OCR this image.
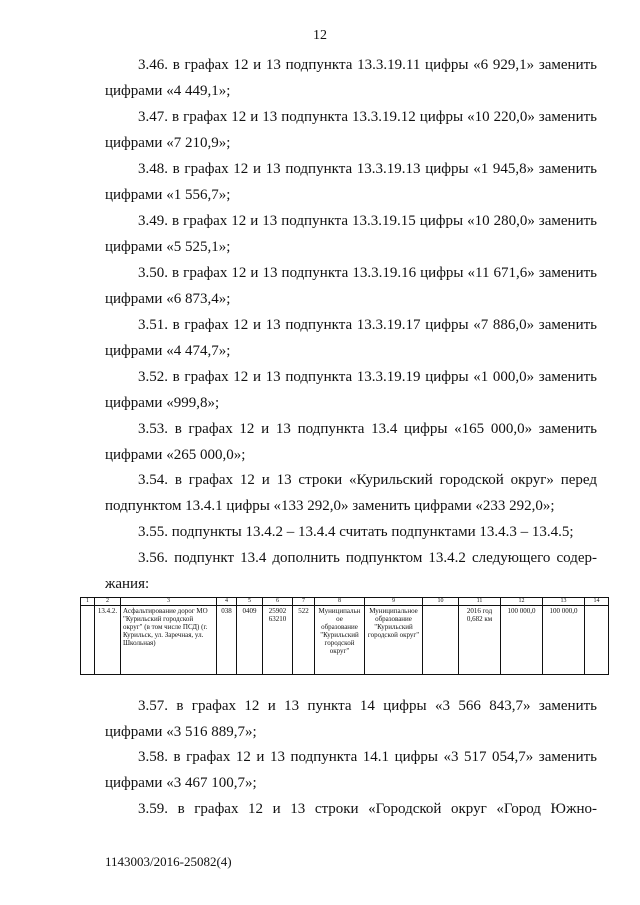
12
3.46. в графах 12 и 13 подпункта 13.3.19.11 цифры «6 929,1» заменить
цифрами «4 449,1»;
3.47. в графах 12 и 13 подпункта 13.3.19.12 цифры «10 220,0» заменить
цифрами «7 210,9»;
3.48. в графах 12 и 13 подпункта 13.3.19.13 цифры «1 945,8» заменить
цифрами «1 556,7»;
3.49. в графах 12 и 13 подпункта 13.3.19.15 цифры «10 280,0» заменить
цифрами «5 525,1»;
3.50. в графах 12 и 13 подпункта 13.3.19.16 цифры «11 671,6» заменить
цифрами «6 873,4»;
3.51. в графах 12 и 13 подпункта 13.3.19.17 цифры «7 886,0» заменить
цифрами «4 474,7»;
3.52. в графах 12 и 13 подпункта 13.3.19.19 цифры «1 000,0» заменить
цифрами «999,8»;
3.53. в графах 12 и 13 подпункта 13.4 цифры «165 000,0» заменить
цифрами «265 000,0»;
3.54. в графах 12 и 13 строки «Курильский городской округ» перед
подпунктом 13.4.1 цифры «133 292,0» заменить цифрами «233 292,0»;
3.55. подпункты 13.4.2 – 13.4.4 считать подпунктами 13.4.3 – 13.4.5;
3.56. подпункт 13.4 дополнить подпунктом 13.4.2 следующего содер-
жания:
1	2	3	4	5	6	7	8	9	10	11	12	13	14
	13.4.2.	Асфальтирование дорог МО "Курильский городской округ" (в том числе ПСД) (г. Курильск, ул. Заречная, ул. Школьная)	038	0409	25902 63210	522	Муниципальное образование "Курильский городской округ"	Муниципальное образование "Курильский городской округ"		2016 год 0,682 км	100 000,0	100 000,0	
3.57. в графах 12 и 13 пункта 14 цифры «3 566 843,7» заменить
цифрами «3 516 889,7»;
3.58. в графах 12 и 13 подпункта 14.1 цифры «3 517 054,7» заменить
цифрами «3 467 100,7»;
3.59. в графах 12 и 13 строки «Городской округ «Город Южно-
1143003/2016-25082(4)
